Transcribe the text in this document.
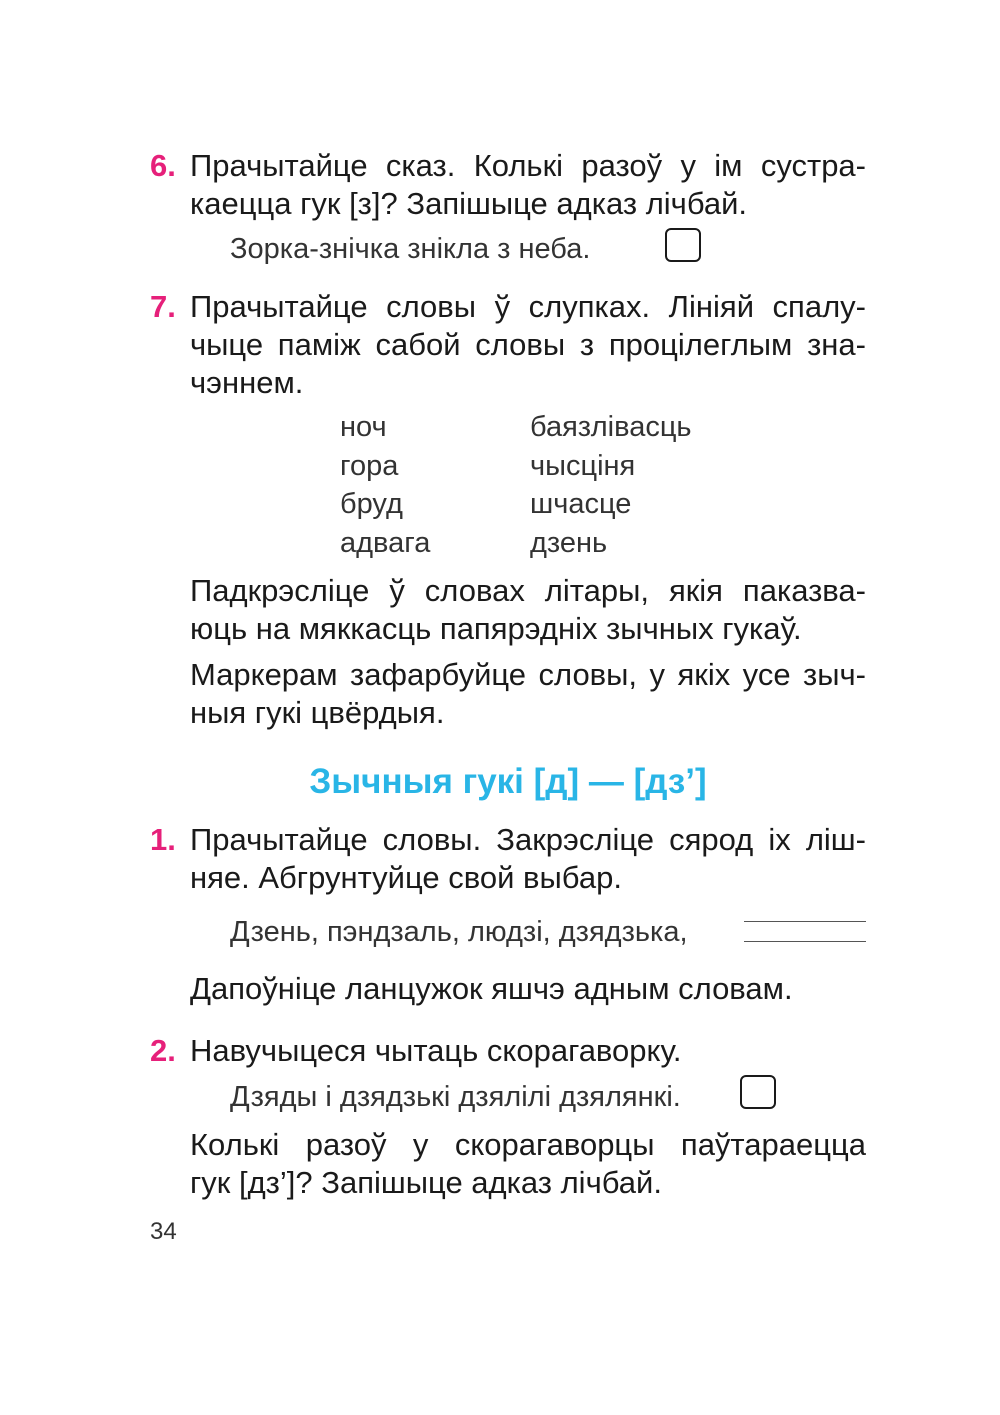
6. Прачытайце сказ. Колькі разоў у ім сустра-
каецца гук [з]? Запішыце адказ лічбай.
Зорка-знічка знікла з неба.
7. Прачытайце словы ў слупках. Лініяй спалу-
чыце паміж сабой словы з процілеглым зна-
чэннем.
ноч
гора
бруд
адвага
баязлівасць
чысціня
шчасце
дзень
Падкрэсліце ў словах літары, якія паказва-
юць на мяккасць папярэдніх зычных гукаў.
Маркерам зафарбуйце словы, у якіх усе зыч-
ныя гукі цвёрдыя.
Зычныя гукі [д] — [дз’]
1. Прачытайце словы. Закрэсліце сярод іх ліш-
няе. Абгрунтуйце свой выбар.
Дзень, пэндзаль, людзі, дзядзька,
Дапоўніце ланцужок яшчэ адным словам.
2. Навучыцеся чытаць скорагаворку.
Дзяды і дзядзькі дзялілі дзялянкі.
Колькі разоў у скорагаворцы паўтараецца
гук [дз’]? Запішыце адказ лічбай.
34
